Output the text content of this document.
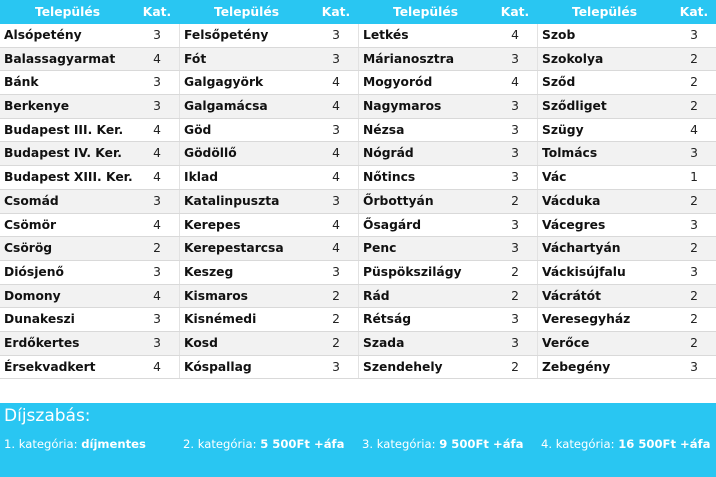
Település	Kat.	Település	Kat.	Település	Kat.	Település	Kat.
Alsópetény	3	Felsőpetény	3	Letkés	4	Szob	3
Balassagyarmat	4	Fót	3	Márianosztra	3	Szokolya	2
Bánk	3	Galgagyörk	4	Mogyoród	4	Sződ	2
Berkenye	3	Galgamácsa	4	Nagymaros	3	Sződliget	2
Budapest III. Ker.	4	Göd	3	Nézsa	3	Szügy	4
Budapest IV. Ker.	4	Gödöllő	4	Nógrád	3	Tolmács	3
Budapest XIII. Ker.	4	Iklad	4	Nőtincs	3	Vác	1
Csomád	3	Katalinpuszta	3	Őrbottyán	2	Vácduka	2
Csömör	4	Kerepes	4	Ősagárd	3	Vácegres	3
Csörög	2	Kerepestarcsa	4	Penc	3	Váchartyán	2
Diósjenő	3	Keszeg	3	Püspökszilágy	2	Váckisújfalu	3
Domony	4	Kismaros	2	Rád	2	Vácrátót	2
Dunakeszi	3	Kisnémedi	2	Rétság	3	Veresegyház	2
Erdőkertes	3	Kosd	2	Szada	3	Verőce	2
Érsekvadkert	4	Kóspallag	3	Szendehely	2	Zebegény	3
Díjszabás:
1. kategória: díjmentes	2. kategória: 5 500Ft +áfa	3. kategória: 9 500Ft +áfa	4. kategória: 16 500Ft +áfa
